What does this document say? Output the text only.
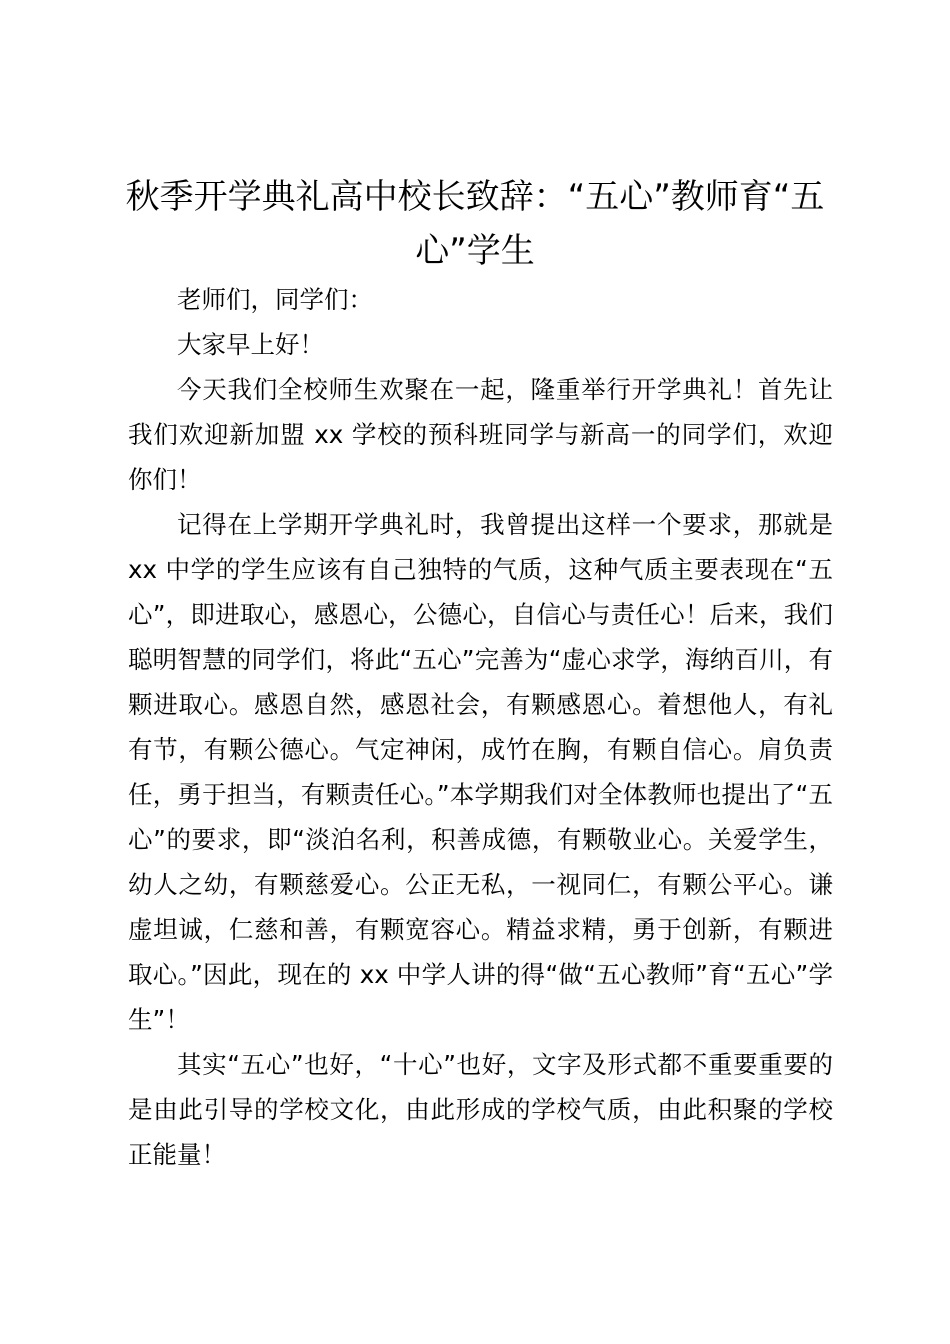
秋季开学典礼高中校长致辞：“五心”教师育“五心”学生

老师们，同学们：

大家早上好！

今天我们全校师生欢聚在一起，隆重举行开学典礼！首先让我们欢迎新加盟 xx 学校的预科班同学与新高一的同学们，欢迎你们！

记得在上学期开学典礼时，我曾提出这样一个要求，那就是 xx 中学的学生应该有自己独特的气质，这种气质主要表现在“五心”，即进取心，感恩心，公德心，自信心与责任心！后来，我们聪明智慧的同学们，将此“五心”完善为“虚心求学，海纳百川，有颗进取心。感恩自然，感恩社会，有颗感恩心。着想他人，有礼有节，有颗公德心。气定神闲，成竹在胸，有颗自信心。肩负责任，勇于担当，有颗责任心。”本学期我们对全体教师也提出了“五心”的要求，即“淡泊名利，积善成德，有颗敬业心。关爱学生，幼人之幼，有颗慈爱心。公正无私，一视同仁，有颗公平心。谦虚坦诚，仁慈和善，有颗宽容心。精益求精，勇于创新，有颗进取心。”因此，现在的 xx 中学人讲的得“做“五心教师”育“五心”学生”！

其实“五心”也好，“十心”也好，文字及形式都不重要重要的是由此引导的学校文化，由此形成的学校气质，由此积聚的学校正能量！
